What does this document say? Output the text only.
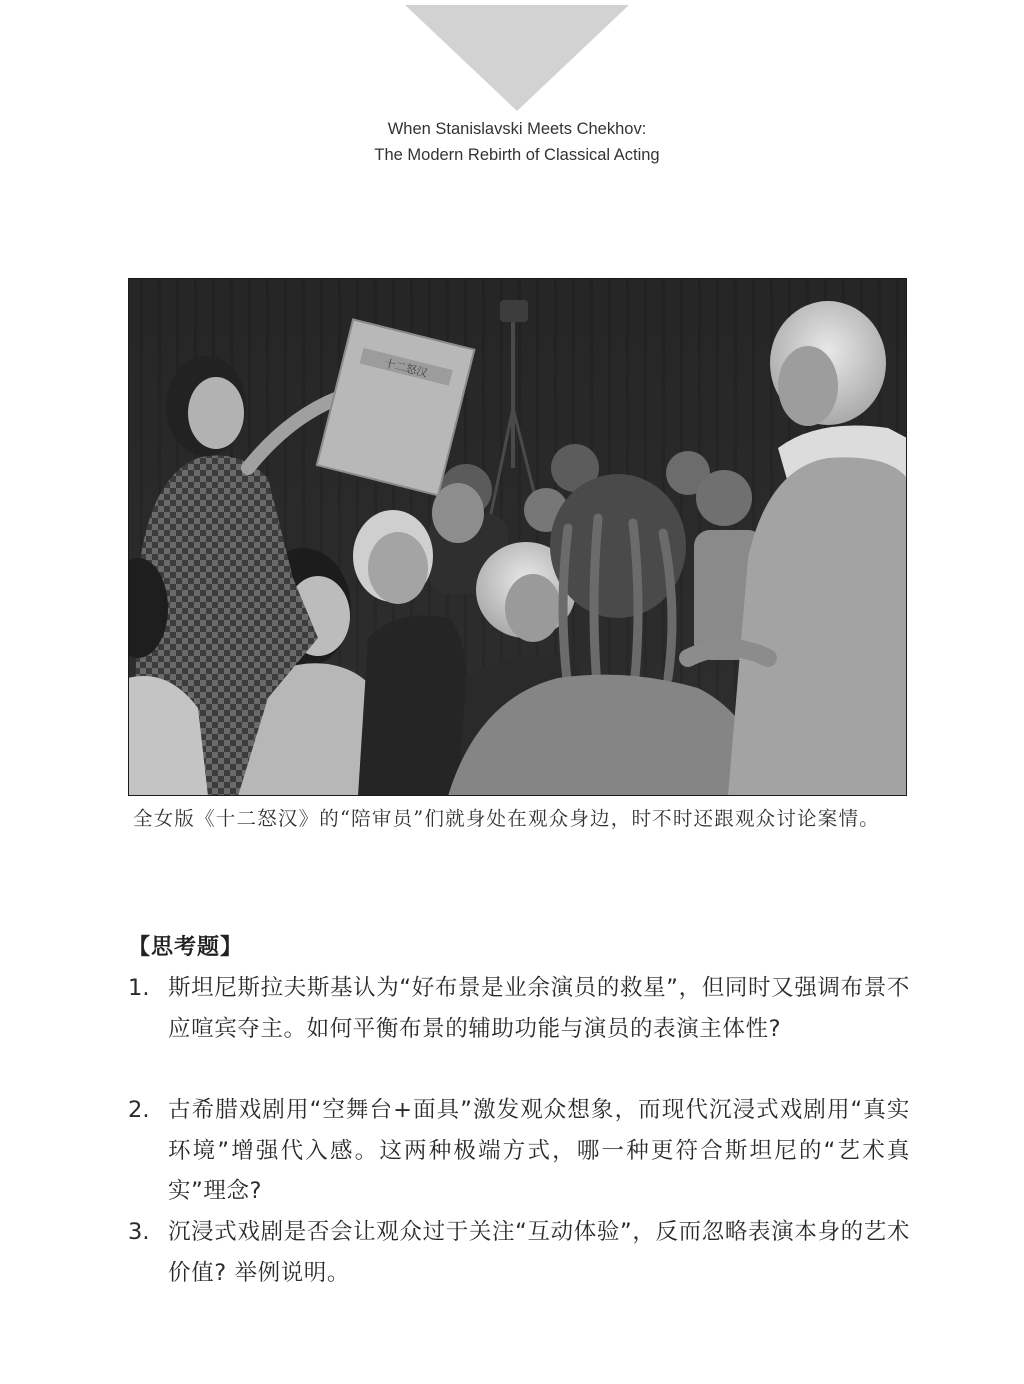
When Stanislavski Meets Chekhov:
The Modern Rebirth of Classical Acting
十二怒汉
全女版《十二怒汉》的“陪审员”们就身处在观众身边，时不时还跟观众讨论案情。
【思考题】
1. 斯坦尼斯拉夫斯基认为“好布景是业余演员的救星”，但同时又强调布景不应喧宾夺主。如何平衡布景的辅助功能与演员的表演主体性?
2. 古希腊戏剧用“空舞台+面具”激发观众想象，而现代沉浸式戏剧用“真实环境”增强代入感。这两种极端方式，哪一种更符合斯坦尼的“艺术真实”理念?
3. 沉浸式戏剧是否会让观众过于关注“互动体验”，反而忽略表演本身的艺术价值? 举例说明。
